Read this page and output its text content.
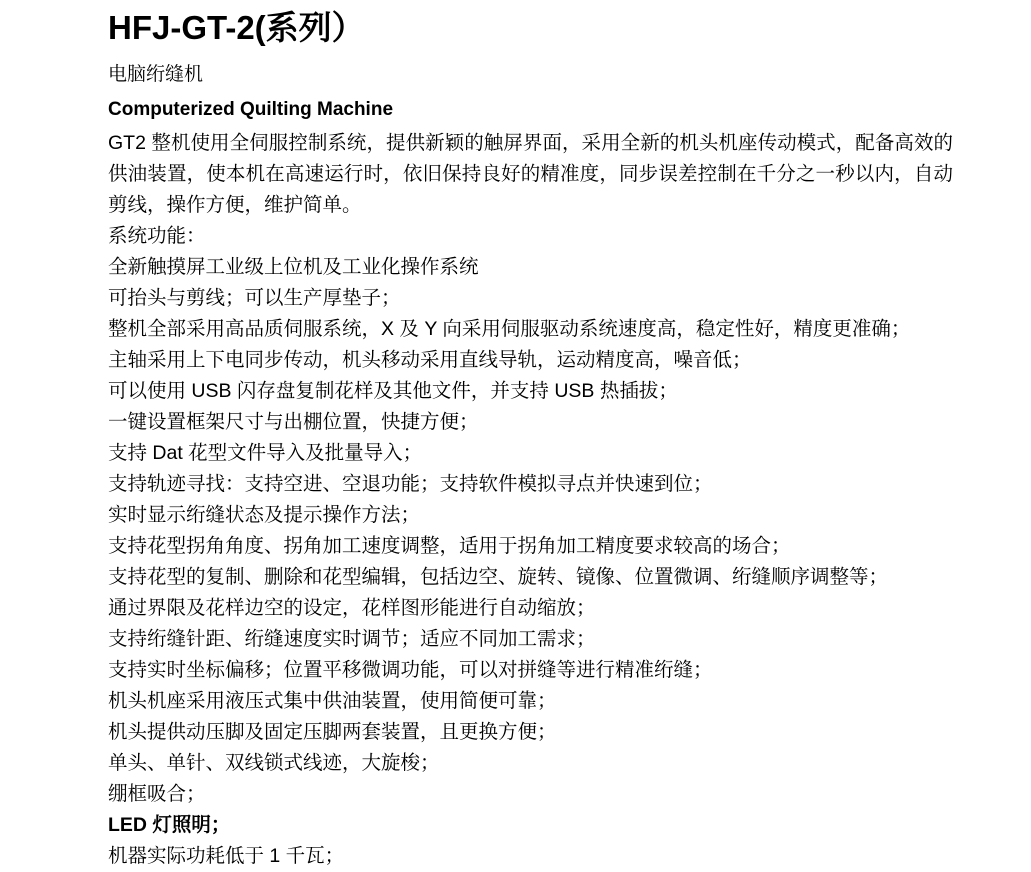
HFJ-GT-2(系列）

电脑绗缝机

Computerized Quilting Machine

GT2 整机使用全伺服控制系统，提供新颖的触屏界面，采用全新的机头机座传动模式，配备高效的供油装置，使本机在高速运行时，依旧保持良好的精准度，同步误差控制在千分之一秒以内，自动剪线，操作方便，维护简单。

系统功能：

全新触摸屏工业级上位机及工业化操作系统
可抬头与剪线；可以生产厚垫子；
整机全部采用高品质伺服系统，X 及 Y 向采用伺服驱动系统速度高，稳定性好，精度更准确；
主轴采用上下电同步传动，机头移动采用直线导轨，运动精度高，噪音低；
可以使用 USB 闪存盘复制花样及其他文件，并支持 USB 热插拔；
一键设置框架尺寸与出棚位置，快捷方便；
支持 Dat 花型文件导入及批量导入；
支持轨迹寻找：支持空进、空退功能；支持软件模拟寻点并快速到位；
实时显示绗缝状态及提示操作方法；
支持花型拐角角度、拐角加工速度调整，适用于拐角加工精度要求较高的场合；
支持花型的复制、删除和花型编辑，包括边空、旋转、镜像、位置微调、绗缝顺序调整等；
通过界限及花样边空的设定，花样图形能进行自动缩放；
支持绗缝针距、绗缝速度实时调节；适应不同加工需求；
支持实时坐标偏移；位置平移微调功能，可以对拼缝等进行精准绗缝；
机头机座采用液压式集中供油装置，使用简便可靠；
机头提供动压脚及固定压脚两套装置，且更换方便；
单头、单针、双线锁式线迹，大旋梭；
绷框吸合；
LED 灯照明；
机器实际功耗低于 1 千瓦；
